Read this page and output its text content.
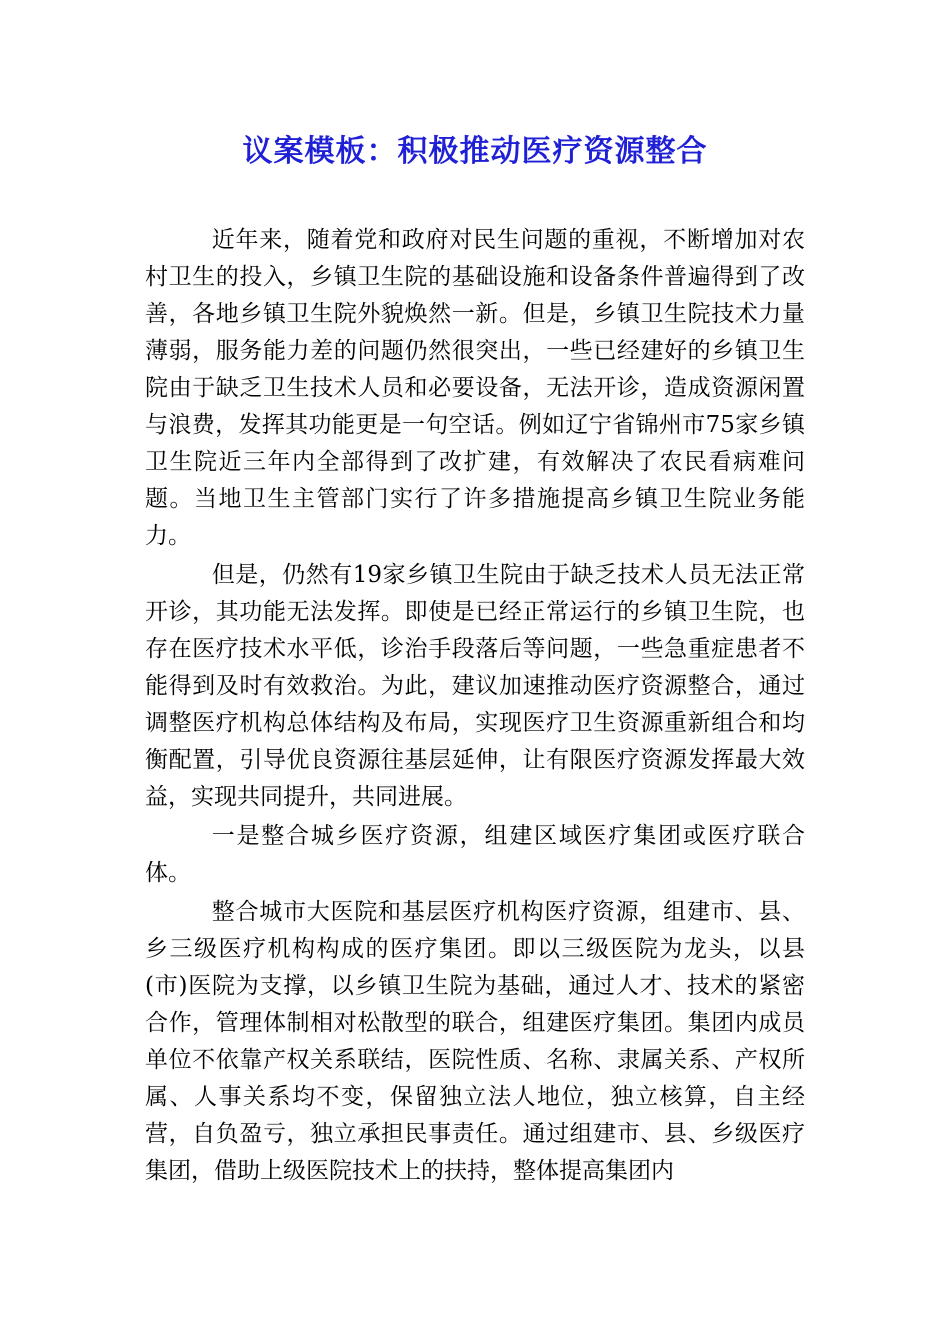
议案模板：积极推动医疗资源整合

近年来，随着党和政府对民生问题的重视，不断增加对农村卫生的投入，乡镇卫生院的基础设施和设备条件普遍得到了改善，各地乡镇卫生院外貌焕然一新。但是，乡镇卫生院技术力量薄弱，服务能力差的问题仍然很突出，一些已经建好的乡镇卫生院由于缺乏卫生技术人员和必要设备，无法开诊，造成资源闲置与浪费，发挥其功能更是一句空话。例如辽宁省锦州市75家乡镇卫生院近三年内全部得到了改扩建，有效解决了农民看病难问题。当地卫生主管部门实行了许多措施提高乡镇卫生院业务能力。

但是，仍然有19家乡镇卫生院由于缺乏技术人员无法正常开诊，其功能无法发挥。即使是已经正常运行的乡镇卫生院，也存在医疗技术水平低，诊治手段落后等问题，一些急重症患者不能得到及时有效救治。为此，建议加速推动医疗资源整合，通过调整医疗机构总体结构及布局，实现医疗卫生资源重新组合和均衡配置，引导优良资源往基层延伸，让有限医疗资源发挥最大效益，实现共同提升，共同进展。

一是整合城乡医疗资源，组建区域医疗集团或医疗联合体。

整合城市大医院和基层医疗机构医疗资源，组建市、县、乡三级医疗机构构成的医疗集团。即以三级医院为龙头，以县(市)医院为支撑，以乡镇卫生院为基础，通过人才、技术的紧密合作，管理体制相对松散型的联合，组建医疗集团。集团内成员单位不依靠产权关系联结，医院性质、名称、隶属关系、产权所属、人事关系均不变，保留独立法人地位，独立核算，自主经营，自负盈亏，独立承担民事责任。通过组建市、县、乡级医疗集团，借助上级医院技术上的扶持，整体提高集团内
